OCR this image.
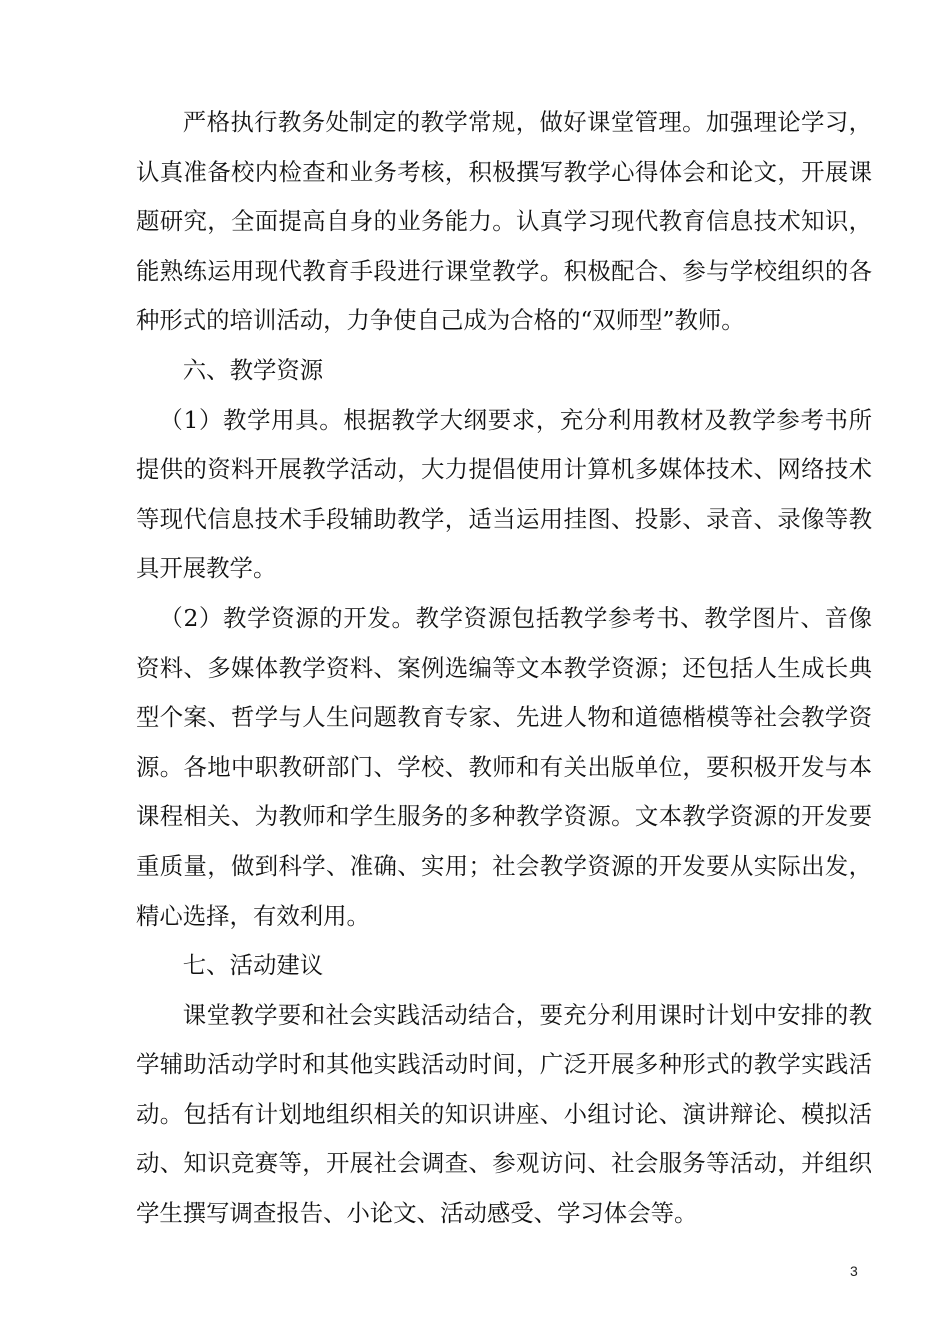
严格执行教务处制定的教学常规，做好课堂管理。加强理论学习，认真准备校内检查和业务考核，积极撰写教学心得体会和论文，开展课题研究，全面提高自身的业务能力。认真学习现代教育信息技术知识，能熟练运用现代教育手段进行课堂教学。积极配合、参与学校组织的各种形式的培训活动，力争使自己成为合格的“双师型”教师。

六、教学资源

（1）教学用具。根据教学大纲要求，充分利用教材及教学参考书所提供的资料开展教学活动，大力提倡使用计算机多媒体技术、网络技术等现代信息技术手段辅助教学，适当运用挂图、投影、录音、录像等教具开展教学。

（2）教学资源的开发。教学资源包括教学参考书、教学图片、音像资料、多媒体教学资料、案例选编等文本教学资源；还包括人生成长典型个案、哲学与人生问题教育专家、先进人物和道德楷模等社会教学资源。各地中职教研部门、学校、教师和有关出版单位，要积极开发与本课程相关、为教师和学生服务的多种教学资源。文本教学资源的开发要重质量，做到科学、准确、实用；社会教学资源的开发要从实际出发，精心选择，有效利用。

七、活动建议

课堂教学要和社会实践活动结合，要充分利用课时计划中安排的教学辅助活动学时和其他实践活动时间，广泛开展多种形式的教学实践活动。包括有计划地组织相关的知识讲座、小组讨论、演讲辩论、模拟活动、知识竞赛等，开展社会调查、参观访问、社会服务等活动，并组织学生撰写调查报告、小论文、活动感受、学习体会等。

3
